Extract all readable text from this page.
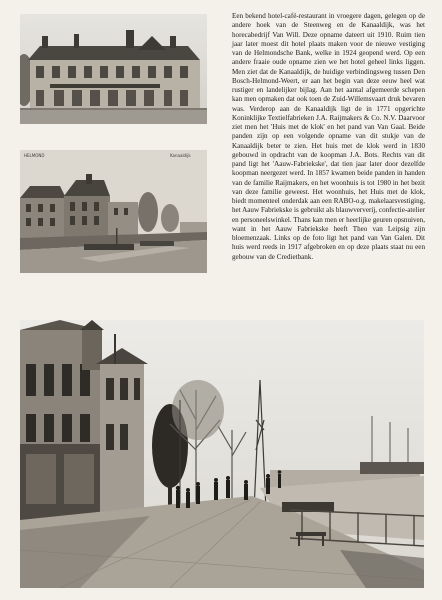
HELMOND	Kanaaldijk

Een bekend hotel-café-restaurant in vroegere dagen, gelegen op de andere hoek van de Steenweg en de Kanaaldijk, was het horecabedrijf Van Will. Deze opname dateert uit 1910. Ruim tien jaar later moest dit hotel plaats maken voor de nieuwe vestiging van de Helmondsche Bank, welke in 1924 geopend werd. Op een andere fraaie oude opname zien we het hotel geheel links liggen. Men ziet dat de Kanaaldijk, de huidige verbindingsweg tussen Den Bosch-Helmond-Weert, er aan het begin van deze eeuw heel wat rustiger en landelijker bijlag. Aan het aantal afgemeerde schepen kan men opmaken dat ook toen de Zuid-Willemsvaart druk bevaren was. Verderop aan de Kanaaldijk ligt de in 1771 opgerichte Koninklijke Textielfabrieken J.A. Raijmakers & Co. N.V. Daarvoor ziet men het 'Huis met de klok' en het pand van Van Gaal. Beide panden zijn op een volgende opname van dit stukje van de Kanaaldijk beter te zien. Het huis met de klok werd in 1830 gebouwd in opdracht van de koopman J.A. Bots. Rechts van dit pand ligt het 'Aauw-Fabriekske', dat tien jaar later door dezelfde koopman neergezet werd. In 1857 kwamen beide panden in handen van de familie Raijmakers, en het woonhuis is tot 1980 in het bezit van deze familie geweest. Het woonhuis, het Huis met de klok, biedt momenteel onderdak aan een RABO-o.g. makelaarsvestiging, het Aauw Fabriekske is gebruikt als blauwververij, confectie-atelier en personeelswinkel. Thans kan men er heerlijke geuren opsnuiven, want in het Aauw Fabriekske heeft Theo van Leipsig zijn bloemenzaak. Links op de foto ligt het pand van Van Galen. Dit huis werd reeds in 1917 afgebroken en op deze plaats staat nu een gebouw van de Credietbank.
